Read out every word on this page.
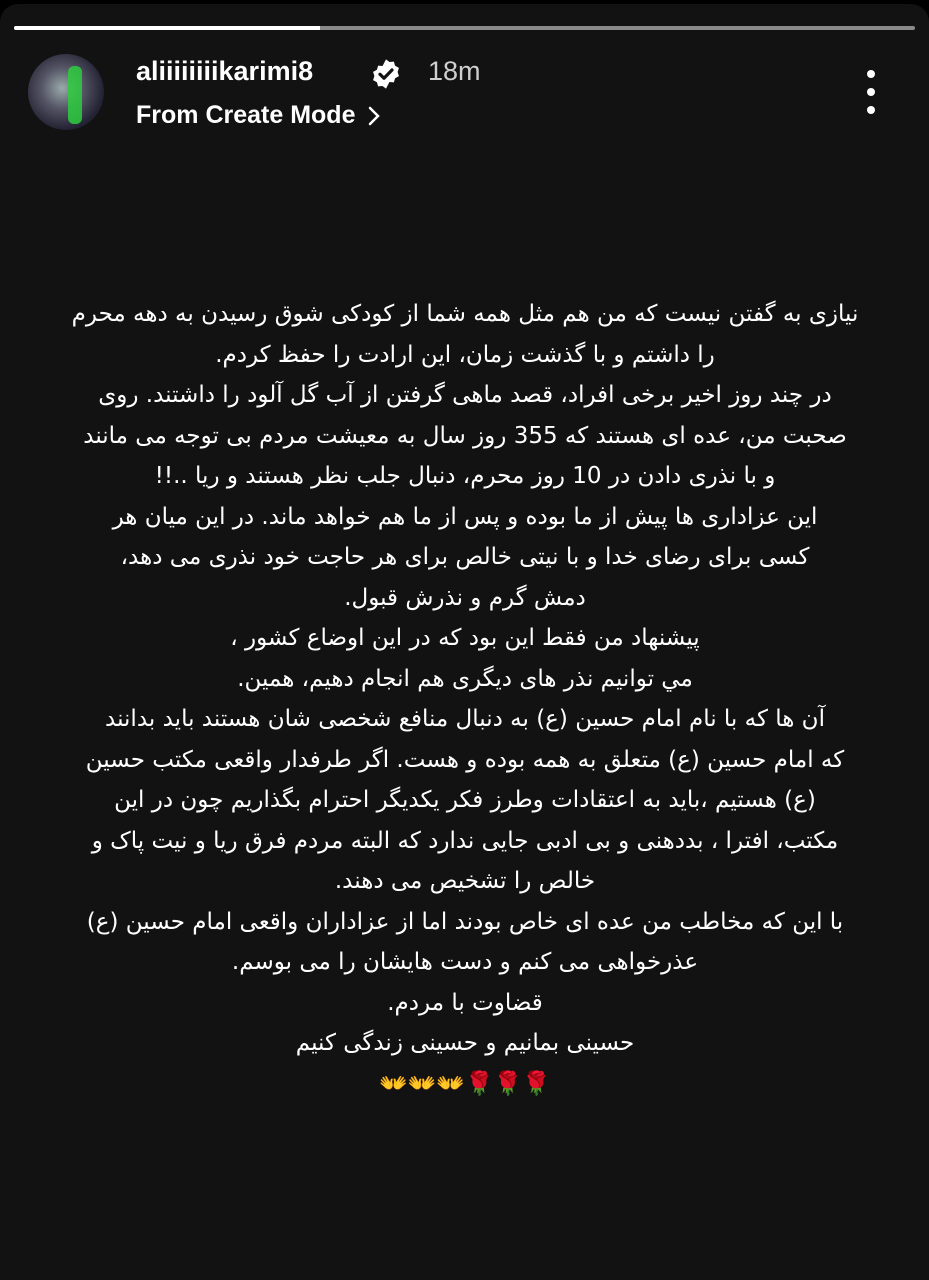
aliiiiiiiikarimi8	18m
From Create Mode
نیازی به گفتن نیست که من هم مثل همه شما از کودکی شوق رسیدن به دهه محرم
را داشتم و با گذشت زمان، این ارادت را حفظ کردم.
در چند روز اخیر برخی افراد، قصد ماهی گرفتن از آب گل آلود را داشتند. روی
صحبت من، عده ای هستند که 355 روز سال به معیشت مردم بی توجه می مانند
و با نذری دادن در 10 روز محرم، دنبال جلب نظر هستند و ریا ..!!
این عزاداری ها پیش از ما بوده و پس از ما هم خواهد ماند. در این میان هر
کسی برای رضای خدا و با نیتی خالص برای هر حاجت خود نذری می دهد،
دمش گرم و نذرش قبول.
پیشنهاد من فقط این بود که در این اوضاع کشور ،
مي توانیم نذر های دیگری هم انجام دهیم، همین.
آن ها که با نام امام حسین (ع) به دنبال منافع شخصی شان هستند باید بدانند
که امام حسین (ع) متعلق به همه بوده و هست. اگر طرفدار واقعی مکتب حسین
(ع) هستیم ،باید به اعتقادات وطرز فکر یکدیگر احترام بگذاریم چون در این
مکتب، افترا ، بددهنی و بی ادبی جایی ندارد که البته مردم فرق ریا و نیت پاک و
خالص را تشخیص می دهند.
با این که مخاطب من عده ای خاص بودند اما از عزاداران واقعی امام حسین (ع)
عذرخواهی می کنم و دست هایشان را می بوسم.
قضاوت با مردم.
حسینی بمانیم و حسینی زندگی کنیم
🌹🌹🌹👐👐👐
